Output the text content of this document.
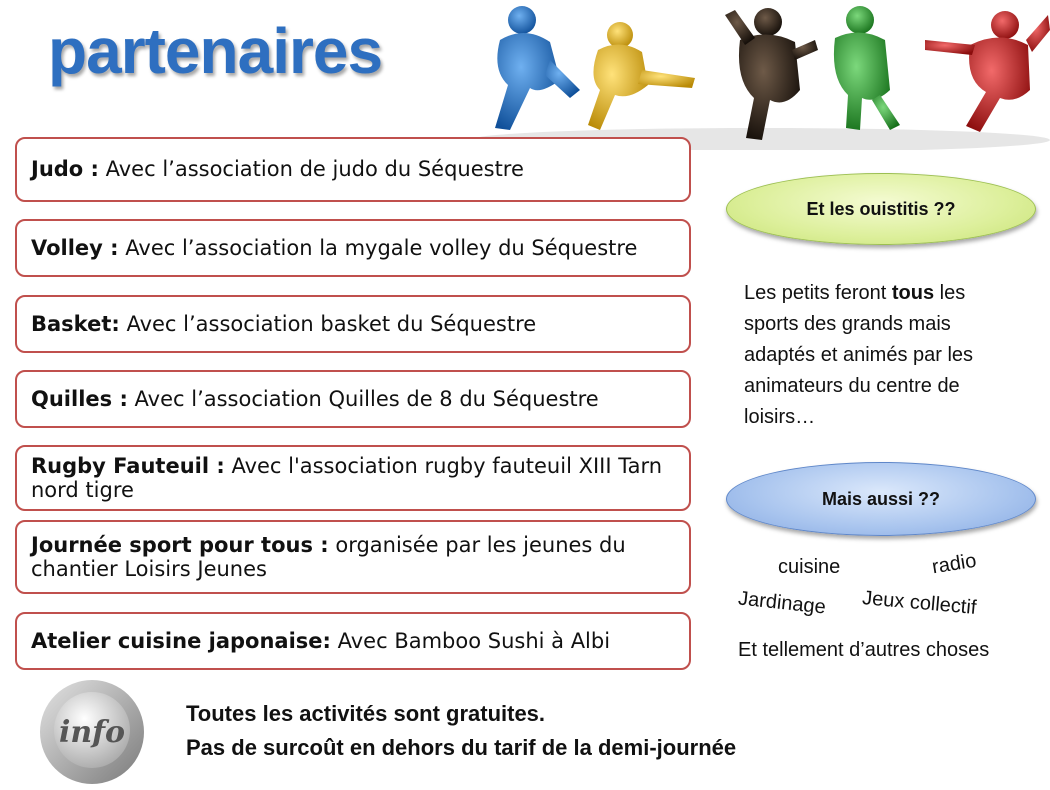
partenaires
Judo : Avec l’association de judo du Séquestre
Volley : Avec l’association la mygale volley du Séquestre
Basket: Avec l’association basket du Séquestre
Quilles : Avec l’association Quilles de 8 du Séquestre
Rugby Fauteuil : Avec l'association rugby fauteuil XIII Tarn nord tigre
Journée sport pour tous : organisée par les jeunes du chantier Loisirs Jeunes
Atelier cuisine japonaise: Avec Bamboo Sushi à Albi
Et les ouistitis ??
Les petits feront tous les sports des grands mais adaptés et animés par les animateurs du centre de loisirs…
Mais aussi ??
cuisine	radio
Jardinage Jeux collectif
Et tellement d’autres choses
info
Toutes les activités sont gratuites.
Pas de surcoût en dehors du tarif de la demi-journée
